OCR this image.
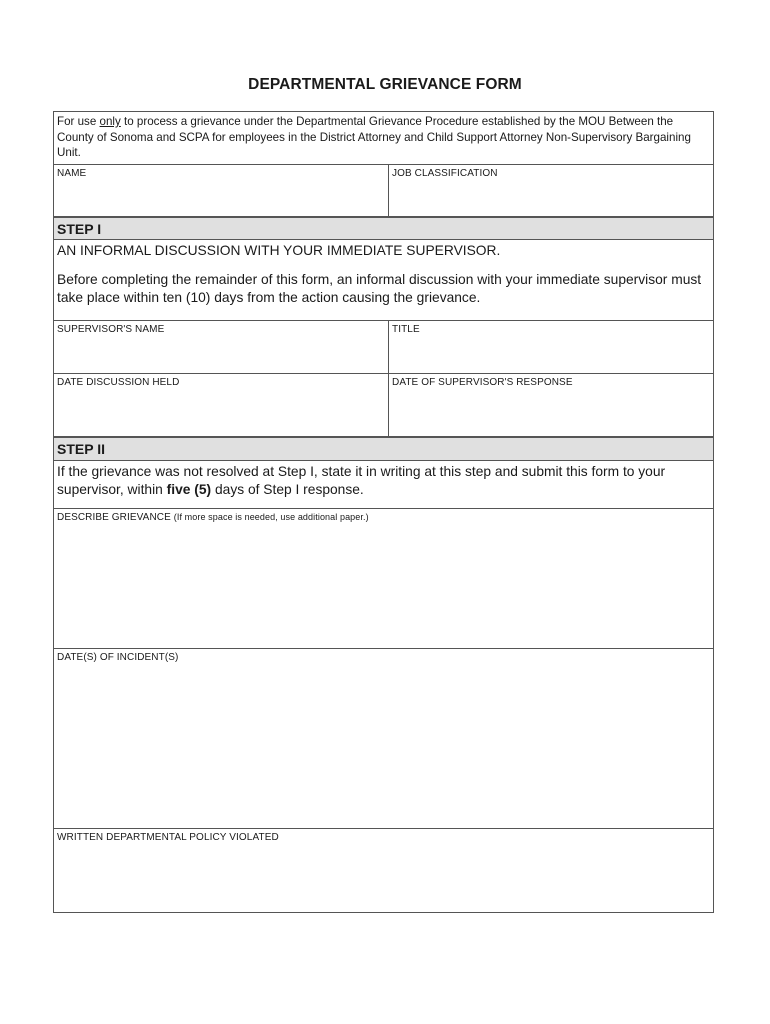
DEPARTMENTAL GRIEVANCE FORM
For use only to process a grievance under the Departmental Grievance Procedure established by the MOU Between the County of Sonoma and SCPA for employees in the District Attorney and Child Support Attorney Non-Supervisory Bargaining Unit.
NAME	JOB CLASSIFICATION
STEP I
AN INFORMAL DISCUSSION WITH YOUR IMMEDIATE SUPERVISOR.
Before completing the remainder of this form, an informal discussion with your immediate supervisor must take place within ten (10) days from the action causing the grievance.
SUPERVISOR'S NAME	TITLE
DATE DISCUSSION HELD	DATE OF SUPERVISOR'S RESPONSE
STEP II
If the grievance was not resolved at Step I, state it in writing at this step and submit this form to your supervisor, within five (5) days of Step I response.
DESCRIBE GRIEVANCE (If more space is needed, use additional paper.)
DATE(S) OF INCIDENT(S)
WRITTEN DEPARTMENTAL POLICY VIOLATED
